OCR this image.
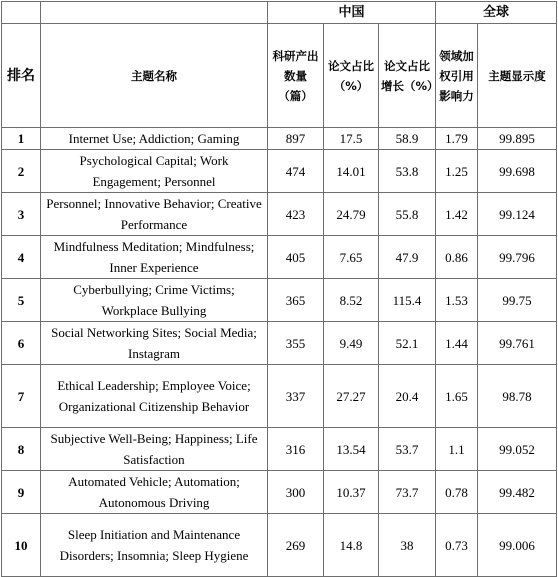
		中国			全球	
排名	主题名称	科研产出数量（篇）	论文占比（%）	论文占比增长（%）	领域加权引用影响力	主题显示度
1	Internet Use; Addiction; Gaming	897	17.5	58.9	1.79	99.895
2	Psychological Capital; Work Engagement; Personnel	474	14.01	53.8	1.25	99.698
3	Personnel; Innovative Behavior; Creative Performance	423	24.79	55.8	1.42	99.124
4	Mindfulness Meditation; Mindfulness; Inner Experience	405	7.65	47.9	0.86	99.796
5	Cyberbullying; Crime Victims; Workplace Bullying	365	8.52	115.4	1.53	99.75
6	Social Networking Sites; Social Media; Instagram	355	9.49	52.1	1.44	99.761
7	Ethical Leadership; Employee Voice; Organizational Citizenship Behavior	337	27.27	20.4	1.65	98.78
8	Subjective Well-Being; Happiness; Life Satisfaction	316	13.54	53.7	1.1	99.052
9	Automated Vehicle; Automation; Autonomous Driving	300	10.37	73.7	0.78	99.482
10	Sleep Initiation and Maintenance Disorders; Insomnia; Sleep Hygiene	269	14.8	38	0.73	99.006
